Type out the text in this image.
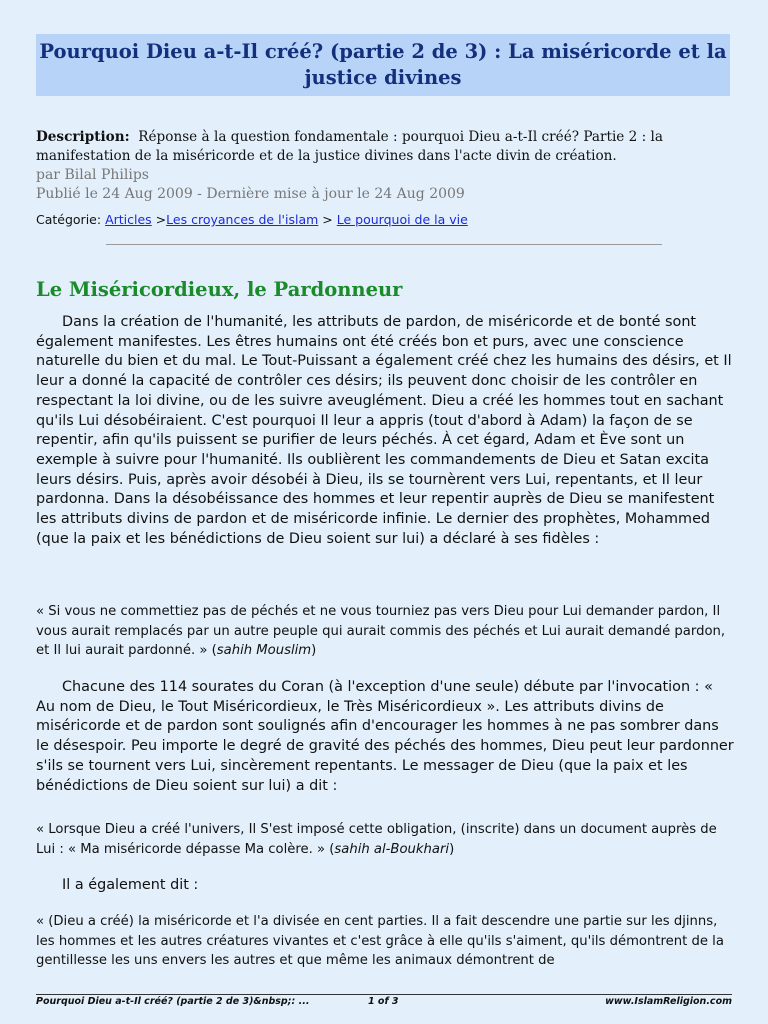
Pourquoi Dieu a-t-Il créé? (partie 2 de 3) : La miséricorde et la justice divines
Description: Réponse à la question fondamentale : pourquoi Dieu a-t-Il créé? Partie 2 : la manifestation de la miséricorde et de la justice divines dans l'acte divin de création.
par Bilal Philips
Publié le 24 Aug 2009 - Dernière mise à jour le 24 Aug 2009
Catégorie: Articles >Les croyances de l'islam > Le pourquoi de la vie
Le Miséricordieux, le Pardonneur

Dans la création de l'humanité, les attributs de pardon, de miséricorde et de bonté sont également manifestes. Les êtres humains ont été créés bon et purs, avec une conscience naturelle du bien et du mal. Le Tout-Puissant a également créé chez les humains des désirs, et Il leur a donné la capacité de contrôler ces désirs; ils peuvent donc choisir de les contrôler en respectant la loi divine, ou de les suivre aveuglément. Dieu a créé les hommes tout en sachant qu'ils Lui désobéiraient. C'est pourquoi Il leur a appris (tout d'abord à Adam) la façon de se repentir, afin qu'ils puissent se purifier de leurs péchés. À cet égard, Adam et Ève sont un exemple à suivre pour l'humanité. Ils oublièrent les commandements de Dieu et Satan excita leurs désirs. Puis, après avoir désobéi à Dieu, ils se tournèrent vers Lui, repentants, et Il leur pardonna. Dans la désobéissance des hommes et leur repentir auprès de Dieu se manifestent les attributs divins de pardon et de miséricorde infinie. Le dernier des prophètes, Mohammed (que la paix et les bénédictions de Dieu soient sur lui) a déclaré à ses fidèles :

« Si vous ne commettiez pas de péchés et ne vous tourniez pas vers Dieu pour Lui demander pardon, Il vous aurait remplacés par un autre peuple qui aurait commis des péchés et Lui aurait demandé pardon, et Il lui aurait pardonné. » (sahih Mouslim)

Chacune des 114 sourates du Coran (à l'exception d'une seule) débute par l'invocation : « Au nom de Dieu, le Tout Miséricordieux, le Très Miséricordieux ». Les attributs divins de miséricorde et de pardon sont soulignés afin d'encourager les hommes à ne pas sombrer dans le désespoir. Peu importe le degré de gravité des péchés des hommes, Dieu peut leur pardonner s'ils se tournent vers Lui, sincèrement repentants. Le messager de Dieu (que la paix et les bénédictions de Dieu soient sur lui) a dit :

« Lorsque Dieu a créé l'univers, Il S'est imposé cette obligation, (inscrite) dans un document auprès de Lui : « Ma miséricorde dépasse Ma colère. » (sahih al-Boukhari)

Il a également dit :

« (Dieu a créé) la miséricorde et l'a divisée en cent parties. Il a fait descendre une partie sur les djinns, les hommes et les autres créatures vivantes et c'est grâce à elle qu'ils s'aiment, qu'ils démontrent de la gentillesse les uns envers les autres et que même les animaux démontrent de

Pourquoi Dieu a-t-Il créé? (partie 2 de 3)&nbsp;: ...	1 of 3	www.IslamReligion.com
